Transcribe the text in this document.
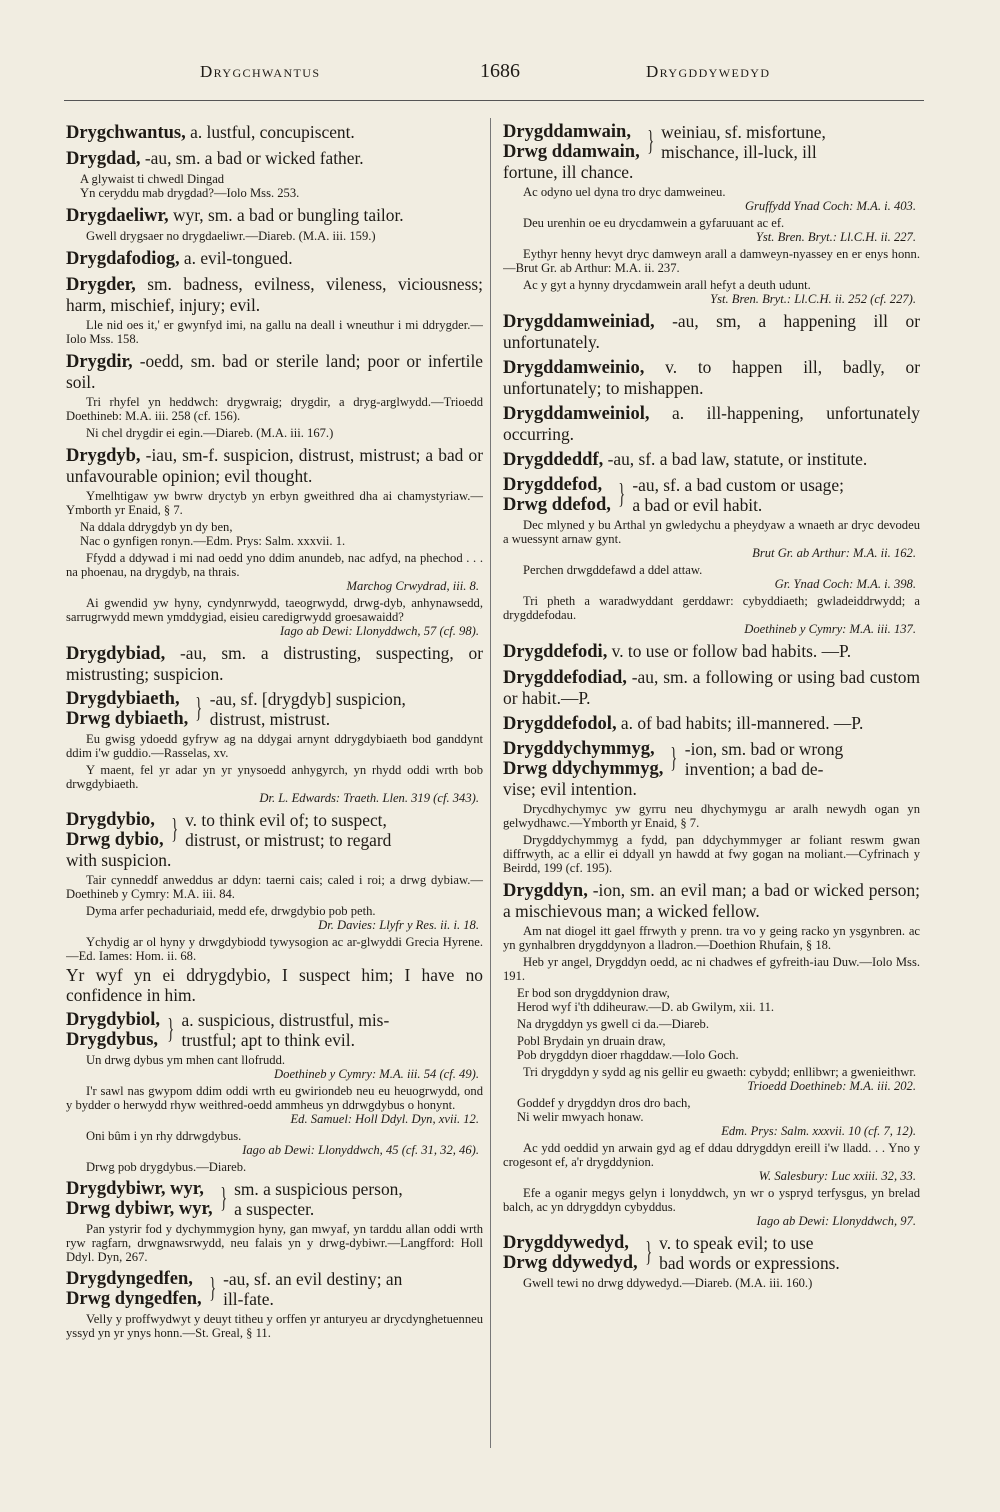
Drygchwantus	1686	Drygddywedyd

Drygchwantus, a. lustful, concupiscent.

Drygdad, -au, sm. a bad or wicked father.

A glywaist ti chwedl Dingad

Yn ceryddu mab drygdad?—Iolo Mss. 253.

Drygdaeliwr, wyr, sm. a bad or bungling tailor.

Gwell drygsaer no drygdaeliwr.—Diareb. (M.A. iii. 159.)

Drygdafodiog, a. evil-tongued.

Drygder, sm. badness, evilness, vileness, viciousness; harm, mischief, injury; evil.

Lle nid oes it,' er gwynfyd imi, na gallu na deall i wneuthur i mi ddrygder.—Iolo Mss. 158.

Drygdir, -oedd, sm. bad or sterile land; poor or infertile soil.

Tri rhyfel yn heddwch: drygwraig; drygdir, a dryg-arglwydd.—Trioedd Doethineb: M.A. iii. 258 (cf. 156).

Ni chel drygdir ei egin.—Diareb. (M.A. iii. 167.)

Drygdyb, -iau, sm-f. suspicion, distrust, mistrust; a bad or unfavourable opinion; evil thought.

Ymelhtigaw yw bwrw dryctyb yn erbyn gweithred dha ai chamystyriaw.—Ymborth yr Enaid, § 7.

Na ddala ddrygdyb yn dy ben,

Nac o gynfigen ronyn.—Edm. Prys: Salm. xxxvii. 1.

Ffydd a ddywad i mi nad oedd yno ddim anundeb, nac adfyd, na phechod . . . na phoenau, na drygdyb, na thrais.

Marchog Crwydrad, iii. 8.

Ai gwendid yw hyny, cyndynrwydd, taeogrwydd, drwg-dyb, anhynawsedd, sarrugrwydd mewn ymddygiad, eisieu caredigrwydd groesawaidd?

Iago ab Dewi: Llonyddwch, 57 (cf. 98).

Drygdybiad, -au, sm. a distrusting, suspecting, or mistrusting; suspicion.

Drygdybiaeth,
Drwg dybiaeth, } -au, sf. [drygdyb] suspicion,
distrust, mistrust.

Eu gwisg ydoedd gyfryw ag na ddygai arnynt ddrygdybiaeth bod ganddynt ddim i'w guddio.—Rasselas, xv.

Y maent, fel yr adar yn yr ynysoedd anhygyrch, yn rhydd oddi wrth bob drwgdybiaeth.

Dr. L. Edwards: Traeth. Llen. 319 (cf. 343).

Drygdybio,
Drwg dybio, } v. to think evil of; to suspect,
distrust, or mistrust; to regard

with suspicion.

Tair cynneddf anweddus ar ddyn: taerni cais; caled i roi; a drwg dybiaw.—Doethineb y Cymry: M.A. iii. 84.

Dyma arfer pechaduriaid, medd efe, drwgdybio pob peth.

Dr. Davies: Llyfr y Res. ii. i. 18.

Ychydig ar ol hyny y drwgdybiodd tywysogion ac ar-glwyddi Grecia Hyrene.—Ed. Iames: Hom. ii. 68.

Yr wyf yn ei ddrygdybio, I suspect him; I have no confidence in him.

Drygdybiol,
Drygdybus, } a. suspicious, distrustful, mis-
trustful; apt to think evil.

Un drwg dybus ym mhen cant llofrudd.

Doethineb y Cymry: M.A. iii. 54 (cf. 49).

I'r sawl nas gwypom ddim oddi wrth eu gwiriondeb neu eu heuogrwydd, ond y bydder o herwydd rhyw weithred-oedd ammheus yn ddrwgdybus o honynt.

Ed. Samuel: Holl Ddyl. Dyn, xvii. 12.

Oni bûm i yn rhy ddrwgdybus.

Iago ab Dewi: Llonyddwch, 45 (cf. 31, 32, 46).

Drwg pob drygdybus.—Diareb.

Drygdybiwr, wyr,
Drwg dybiwr, wyr, } sm. a suspicious person,
a suspecter.

Pan ystyrir fod y dychymmygion hyny, gan mwyaf, yn tarddu allan oddi wrth ryw ragfarn, drwgnawsrwydd, neu falais yn y drwg-dybiwr.—Langfford: Holl Ddyl. Dyn, 267.

Drygdyngedfen,
Drwg dyngedfen, } -au, sf. an evil destiny; an
ill-fate.

Velly y proffwydwyt y deuyt titheu y orffen yr anturyeu ar drycdynghetuenneu yssyd yn yr ynys honn.—St. Greal, § 11.

Drygddamwain,
Drwg ddamwain, } weiniau, sf. misfortune,
mischance, ill-luck, ill

fortune, ill chance.

Ac odyno uel dyna tro dryc damweineu.

Gruffydd Ynad Coch: M.A. i. 403.

Deu urenhin oe eu drycdamwein a gyfaruuant ac ef.

Yst. Bren. Bryt.: Ll.C.H. ii. 227.

Eythyr henny hevyt dryc damweyn arall a damweyn-nyassey en er enys honn.—Brut Gr. ab Arthur: M.A. ii. 237.

Ac y gyt a hynny drycdamwein arall hefyt a deuth udunt.

Yst. Bren. Bryt.: Ll.C.H. ii. 252 (cf. 227).

Drygddamweiniad, -au, sm, a happening ill or unfortunately.

Drygddamweinio, v. to happen ill, badly, or unfortunately; to mishappen.

Drygddamweiniol, a. ill-happening, unfortunately occurring.

Drygddeddf, -au, sf. a bad law, statute, or institute.

Drygddefod,
Drwg ddefod, } -au, sf. a bad custom or usage;
a bad or evil habit.

Dec mlyned y bu Arthal yn gwledychu a pheydyaw a wnaeth ar dryc devodeu a wuessynt arnaw gynt.

Brut Gr. ab Arthur: M.A. ii. 162.

Perchen drwgddefawd a ddel attaw.

Gr. Ynad Coch: M.A. i. 398.

Tri pheth a waradwyddant gerddawr: cybyddiaeth; gwladeiddrwydd; a drygddefodau.

Doethineb y Cymry: M.A. iii. 137.

Drygddefodi, v. to use or follow bad habits. —P.

Drygddefodiad, -au, sm. a following or using bad custom or habit.—P.

Drygddefodol, a. of bad habits; ill-mannered. —P.

Drygddychymmyg,
Drwg ddychymmyg, } -ion, sm. bad or wrong
invention; a bad de-

vise; evil intention.

Drycdhychymyc yw gyrru neu dhychymygu ar aralh newydh ogan yn gelwydhawc.—Ymborth yr Enaid, § 7.

Drygddychymmyg a fydd, pan ddychymmyger ar foliant reswm gwan diffrwyth, ac a ellir ei ddyall yn hawdd at fwy gogan na moliant.—Cyfrinach y Beirdd, 199 (cf. 195).

Drygddyn, -ion, sm. an evil man; a bad or wicked person; a mischievous man; a wicked fellow.

Am nat diogel itt gael ffrwyth y prenn. tra vo y geing racko yn ysgynbren. ac yn gynhalbren drygddynyon a lladron.—Doethion Rhufain, § 18.

Heb yr angel, Drygddyn oedd, ac ni chadwes ef gyfreith-iau Duw.—Iolo Mss. 191.

Er bod son drygddynion draw,

Herod wyf i'th ddiheuraw.—D. ab Gwilym, xii. 11.

Na drygddyn ys gwell ci da.—Diareb.

Pobl Brydain yn druain draw,

Pob drygddyn dioer rhagddaw.—Iolo Goch.

Tri drygddyn y sydd ag nis gellir eu gwaeth: cybydd; enllibwr; a gwenieithwr.

Trioedd Doethineb: M.A. iii. 202.

Goddef y drygddyn dros dro bach,

Ni welir mwyach honaw.

Edm. Prys: Salm. xxxvii. 10 (cf. 7, 12).

Ac ydd oeddid yn arwain gyd ag ef ddau ddrygddyn ereill i'w lladd. . . Yno y crogesont ef, a'r drygddynion.

W. Salesbury: Luc xxiii. 32, 33.

Efe a oganir megys gelyn i lonyddwch, yn wr o yspryd terfysgus, yn brelad balch, ac yn ddrygddyn cybyddus.

Iago ab Dewi: Llonyddwch, 97.

Drygddywedyd,
Drwg ddywedyd, } v. to speak evil; to use
bad words or expressions.

Gwell tewi no drwg ddywedyd.—Diareb. (M.A. iii. 160.)
